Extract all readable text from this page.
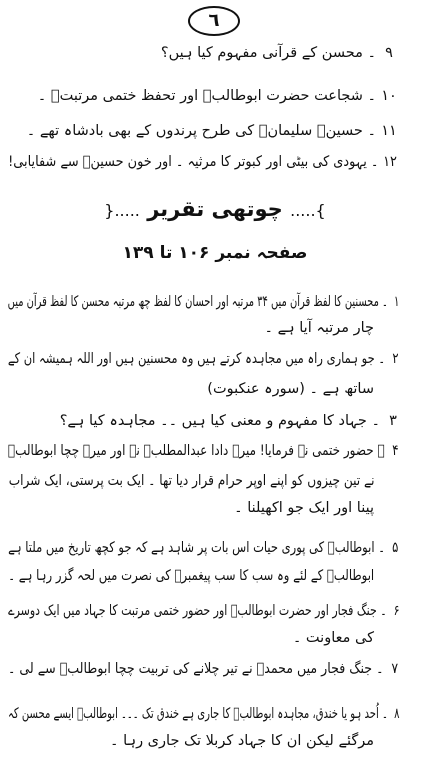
٦
۹۔ محسن کے قرآنی مفہوم کیا ہیں؟
۱۰۔ شجاعت حضرت ابوطالبؑ اور تحفظ ختمی مرتبتؐ ۔
۱۱۔ حسینؑ سلیمانؑ کی طرح پرندوں کے بھی بادشاہ تھے ۔
۱۲۔ یہودی کی بیٹی اور کبوتر کا مرثیہ ۔ اور خون حسینؑ سے شفایابی!
}..... چوتھی تقریر .....{
صفحہ نمبر ۱۰۶ تا ۱۳۹
۱۔ محسنین کا لفظ قرآن میں ۳۴ مرتبہ اور احسان کا لفظ چھ مرتبہ محسن کا لفظ قرآن میں
چار مرتبہ آیا ہے ۔
۲۔ جو ہماری راہ میں مجاہدہ کرتے ہیں وہ محسنین ہیں اور اللہ ہمیشہ ان کے
ساتھ ہے ۔ (سورہ عنکبوت)
۳۔ جہاد کا مفہوم و معنی کیا ہیں ۔۔ مجاہدہ کیا ہے؟
۴۔ حضور ختمی نے فرمایا! میرے دادا عبدالمطلبؑ نے اور میرے چچا ابوطالبؑ
نے تین چیزوں کو اپنے اوپر حرام قرار دیا تھا ۔ ایک بت پرستی، ایک شراب
پینا اور ایک جو اکھیلنا ۔
۵۔ ابوطالبؑ کی پوری حیات اس بات پر شاہد ہے کہ جو کچھ تاریخ میں ملتا ہے
ابوطالبؑ کے لئے وہ سب کا سب پیغمبرؐ کی نصرت میں لحہ گزر رہا ہے ۔
۶۔ جنگ فجار اور حضرت ابوطالبؑ اور حضور ختمی مرتبت کا جہاد میں ایک دوسرے
کی معاونت ۔
۷۔ جنگ فجار میں محمدؐ نے تیر چلانے کی تربیت چچا ابوطالبؑ سے لی ۔
۸۔ اُحد ہو یا خندق، مجاہدہ ابوطالبؑ کا جاری ہے خندق تک ۔۔۔ ابوطالبؑ ایسے محسن کہ
مرگئے لیکن ان کا جہاد کربلا تک جاری رہا ۔
